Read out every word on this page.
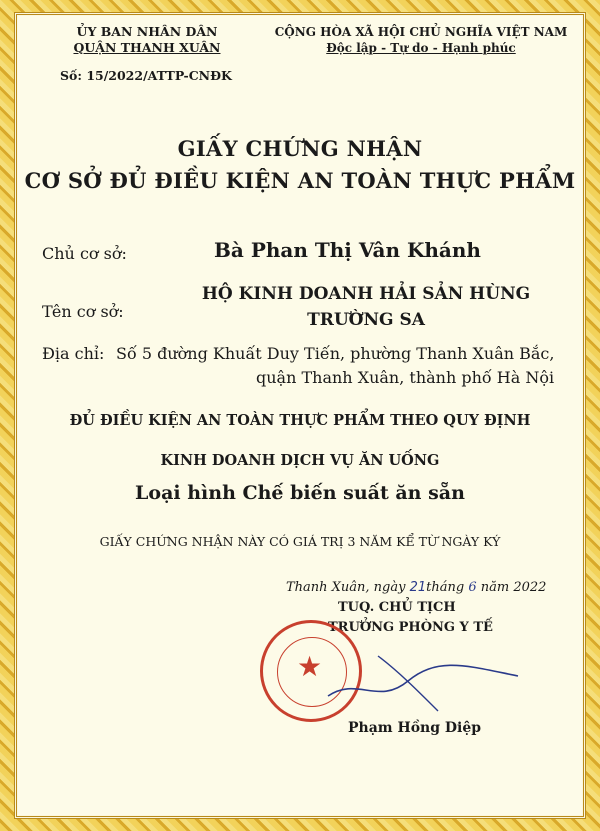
ỦY BAN NHÂN DÂN
QUẬN THANH XUÂN
CỘNG HÒA XÃ HỘI CHỦ NGHĨA VIỆT NAM
Độc lập - Tự do - Hạnh phúc
Số: 15/2022/ATTP-CNĐK
GIẤY CHỨNG NHẬN
CƠ SỞ ĐỦ ĐIỀU KIỆN AN TOÀN THỰC PHẨM
Chủ cơ sở:	Bà Phan Thị Vân Khánh
Tên cơ sở:
HỘ KINH DOANH HẢI SẢN HÙNG
TRƯỜNG SA
Địa chỉ: Số 5 đường Khuất Duy Tiến, phường Thanh Xuân Bắc,
quận Thanh Xuân, thành phố Hà Nội
ĐỦ ĐIỀU KIỆN AN TOÀN THỰC PHẨM THEO QUY ĐỊNH
KINH DOANH DỊCH VỤ ĂN UỐNG
Loại hình Chế biến suất ăn sẵn
GIẤY CHỨNG NHẬN NÀY CÓ GIÁ TRỊ 3 NĂM KỂ TỪ NGÀY KÝ
Thanh Xuân, ngày 21tháng 6 năm 2022
TUQ. CHỦ TỊCH
TRƯỞNG PHÒNG Y TẾ
★
Phạm Hồng Diệp
